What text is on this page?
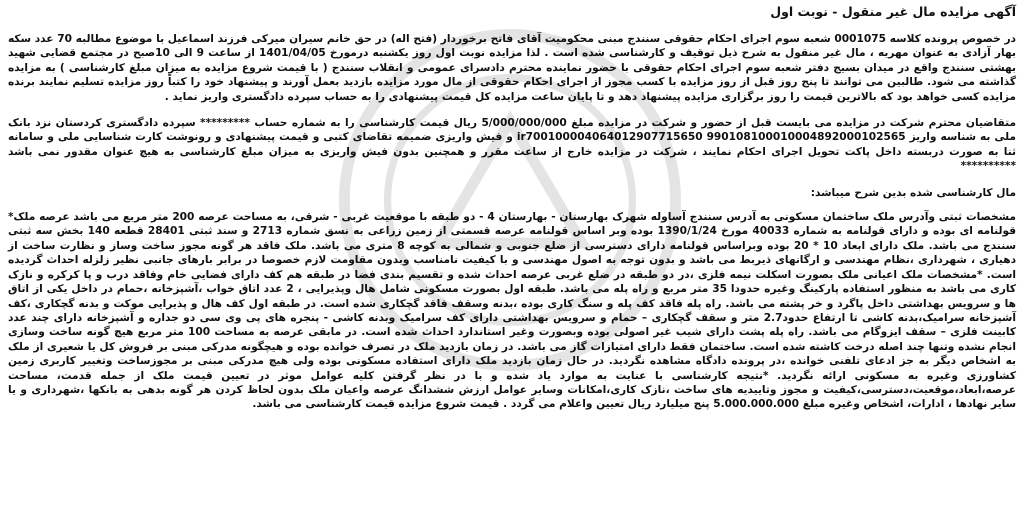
آگهی مزایده مال غیر منقول - نوبت اول

در خصوص پرونده کلاسه 0001075 شعبه سوم اجرای احکام حقوقی سنندج مبنی محکومیت آقای فاتح برخوردار (فتح اله) در حق خانم سیران میرکی فرزند اسماعیل با موضوع مطالبه 70 عدد سکه بهار آزادی به عنوان مهریه ، مال غیر منقول به شرح ذیل توقیف و کارشناسی شده است . لذا مزایده نوبت اول روز یکشنبه درمورخ 1401/04/05 از ساعت 9 الی 10صبح در مجتمع قضایی شهید بهشتی سنندج واقع در میدان بسیج دفتر شعبه سوم اجرای احکام حقوقی با حضور نماینده محترم دادسرای عمومی و انقلاب سنندج ( با قیمت شروع مزایده به میزان مبلغ کارشناسی ) به مزایده گذاشته می شود. طالبین می توانند تا پنج روز قبل از روز مزایده با کسب مجوز از اجرای احکام حقوقی از مال مورد مزایده بازدید بعمل آورند و پیشنهاد خود را کتباً روز مزایده تسلیم نمایند برنده مزایده کسی خواهد بود که بالاترین قیمت را روز برگزاری مزایده پیشنهاد دهد و تا پایان ساعت مزایده کل قیمت پیشنهادی را به حساب سپرده دادگستری واریز نماید .

متقاضیان محترم شرکت در مزایده می بایست قبل از حضور و شرکت در مزایده مبلغ 5/000/000/000 ریال قیمت کارشناسی را به شماره حساب ********* سپرده دادگستری کردستان نزد بانک ملی به شناسه واریز 990108100010004892000102565 ir700100004064012907715650 و فیش واریزی ضمیمه تقاضای کتبی و قیمت پیشنهادی و رونوشت کارت شناسایی ملی و سامانه ثنا به صورت دربسته داخل پاکت تحویل اجرای احکام نمایند ، شرکت در مزایده خارج از ساعت مقرر و همچنین بدون فیش واریزی به میزان مبلغ کارشناسی به هیچ عنوان مقدور نمی باشد **********

مال کارشناسی شده بدین شرح میباشد:

مشخصات ثبتی وآدرس ملک ساختمان مسکونی به آدرس سنندج آساوله شهرک بهارستان - بهارستان 4 - دو طبقه با موقعیت غربی - شرقی، به مساحت عرصه 200 متر مربع می باشد عرصه ملک* قولنامه ای بوده و دارای قولنامه به شماره 40033 مورخ 1390/1/24 بوده وبر اساس قولنامه عرصه قسمتی از زمین زراعی به نسق شماره 2713 و سند ثبتی 28401 قطعه 140 بخش سه ثبتی سنندج می باشد. ملک دارای ابعاد 10 * 20 بوده وبراساس قولنامه دارای دسترسی از ضلع جنوبی و شمالی به کوچه 8 متری می باشد. ملک فاقد هر گونه مجوز ساخت وساز و نظارت ساخت از دهیاری ، شهرداری ،نظام مهندسی و ارگانهای ذیربط می باشد و بدون توجه به اصول مهندسی و با کیفیت نامناسب وبدون مقاومت لازم خصوصا در برابر بارهای جانبی نظیر زلزله احداث گردیده است. *مشخصات ملک اعیانی ملک بصورت اسکلت نیمه فلزی ،در دو طبقه در ضلع غربی عرصه احداث شده و تقسیم بندی فضا در طبقه هم کف دارای فضایی خام وفاقد درب و پا کرکره و نازک کاری می باشد به منظور استفاده پارکینگ وغیره حدودا 35 متر مربع و راه پله می باشد. طبقه اول بصورت مسکونی شامل هال وپذیرایی ، 2 عدد اتاق خواب ،آشپزخانه ،حمام در داخل یکی از اتاق ها و سرویس بهداشتی داخل پاگرد و خر پشته می باشد. راه پله فاقد کف پله و سنگ کاری بوده ،بدنه وسقف فاقد گچکاری شده است. در طبقه اول کف هال و پذیرایی موکت و بدنه گچکاری ،کف آشپزخانه سرامیک،بدنه کاشی تا ارتفاع حدود2.7 متر و سقف گچکاری – حمام و سرویس بهداشتی دارای کف سرامیک وبدنه کاشی - پنجره های پی وی سی دو جداره و آشپزخانه دارای چند عدد کابینت فلزی – سقف ایزوگام می باشد. راه پله پشت دارای شیب غیر اصولی بوده وبصورت وغیر استاندارد احداث شده است. در مابقی عرصه به مساحت 100 متر مربع هیچ گونه ساخت وسازی انجام نشده وتنها چند اصله درخت کاشته شده است. ساختمان فقط دارای امتیازات گاز می باشد. در زمان بازدید ملک در تصرف خوانده بوده و هیچگونه مدرکی مبنی بر فروش کل یا شعیری از ملک به اشخاص دیگر به جز ادعای تلفنی خوانده ،در پرونده دادگاه مشاهده نگردید. در حال زمان بازدید ملک دارای استفاده مسکونی بوده ولی هیچ مدرکی مبنی بر مجوزساخت وتغییر کاربری زمین کشاورزی وغیره به مسکونی ارائه نگردید. *نتیجه کارشناسی با عنایت به موارد یاد شده و با در نظر گرفتن کلیه عوامل موثر در تعیین قیمت ملک از جمله قدمت، مساحت عرصه،ابعاد،موقعیت،دسترسی،کیفیت و مجوز وتاییدیه های ساخت ،نازک کاری،امکانات وسایر عوامل ارزش ششدانگ عرصه واعیان ملک بدون لحاظ کردن هر گونه بدهی به بانکها ،شهرداری و یا سایر نهادها ، ادارات، اشخاص وغیره مبلغ 5.000.000.000 پنج میلیارد ریال تعیین واعلام می گردد . قیمت شروع مزایده قیمت کارشناسی می باشد.
